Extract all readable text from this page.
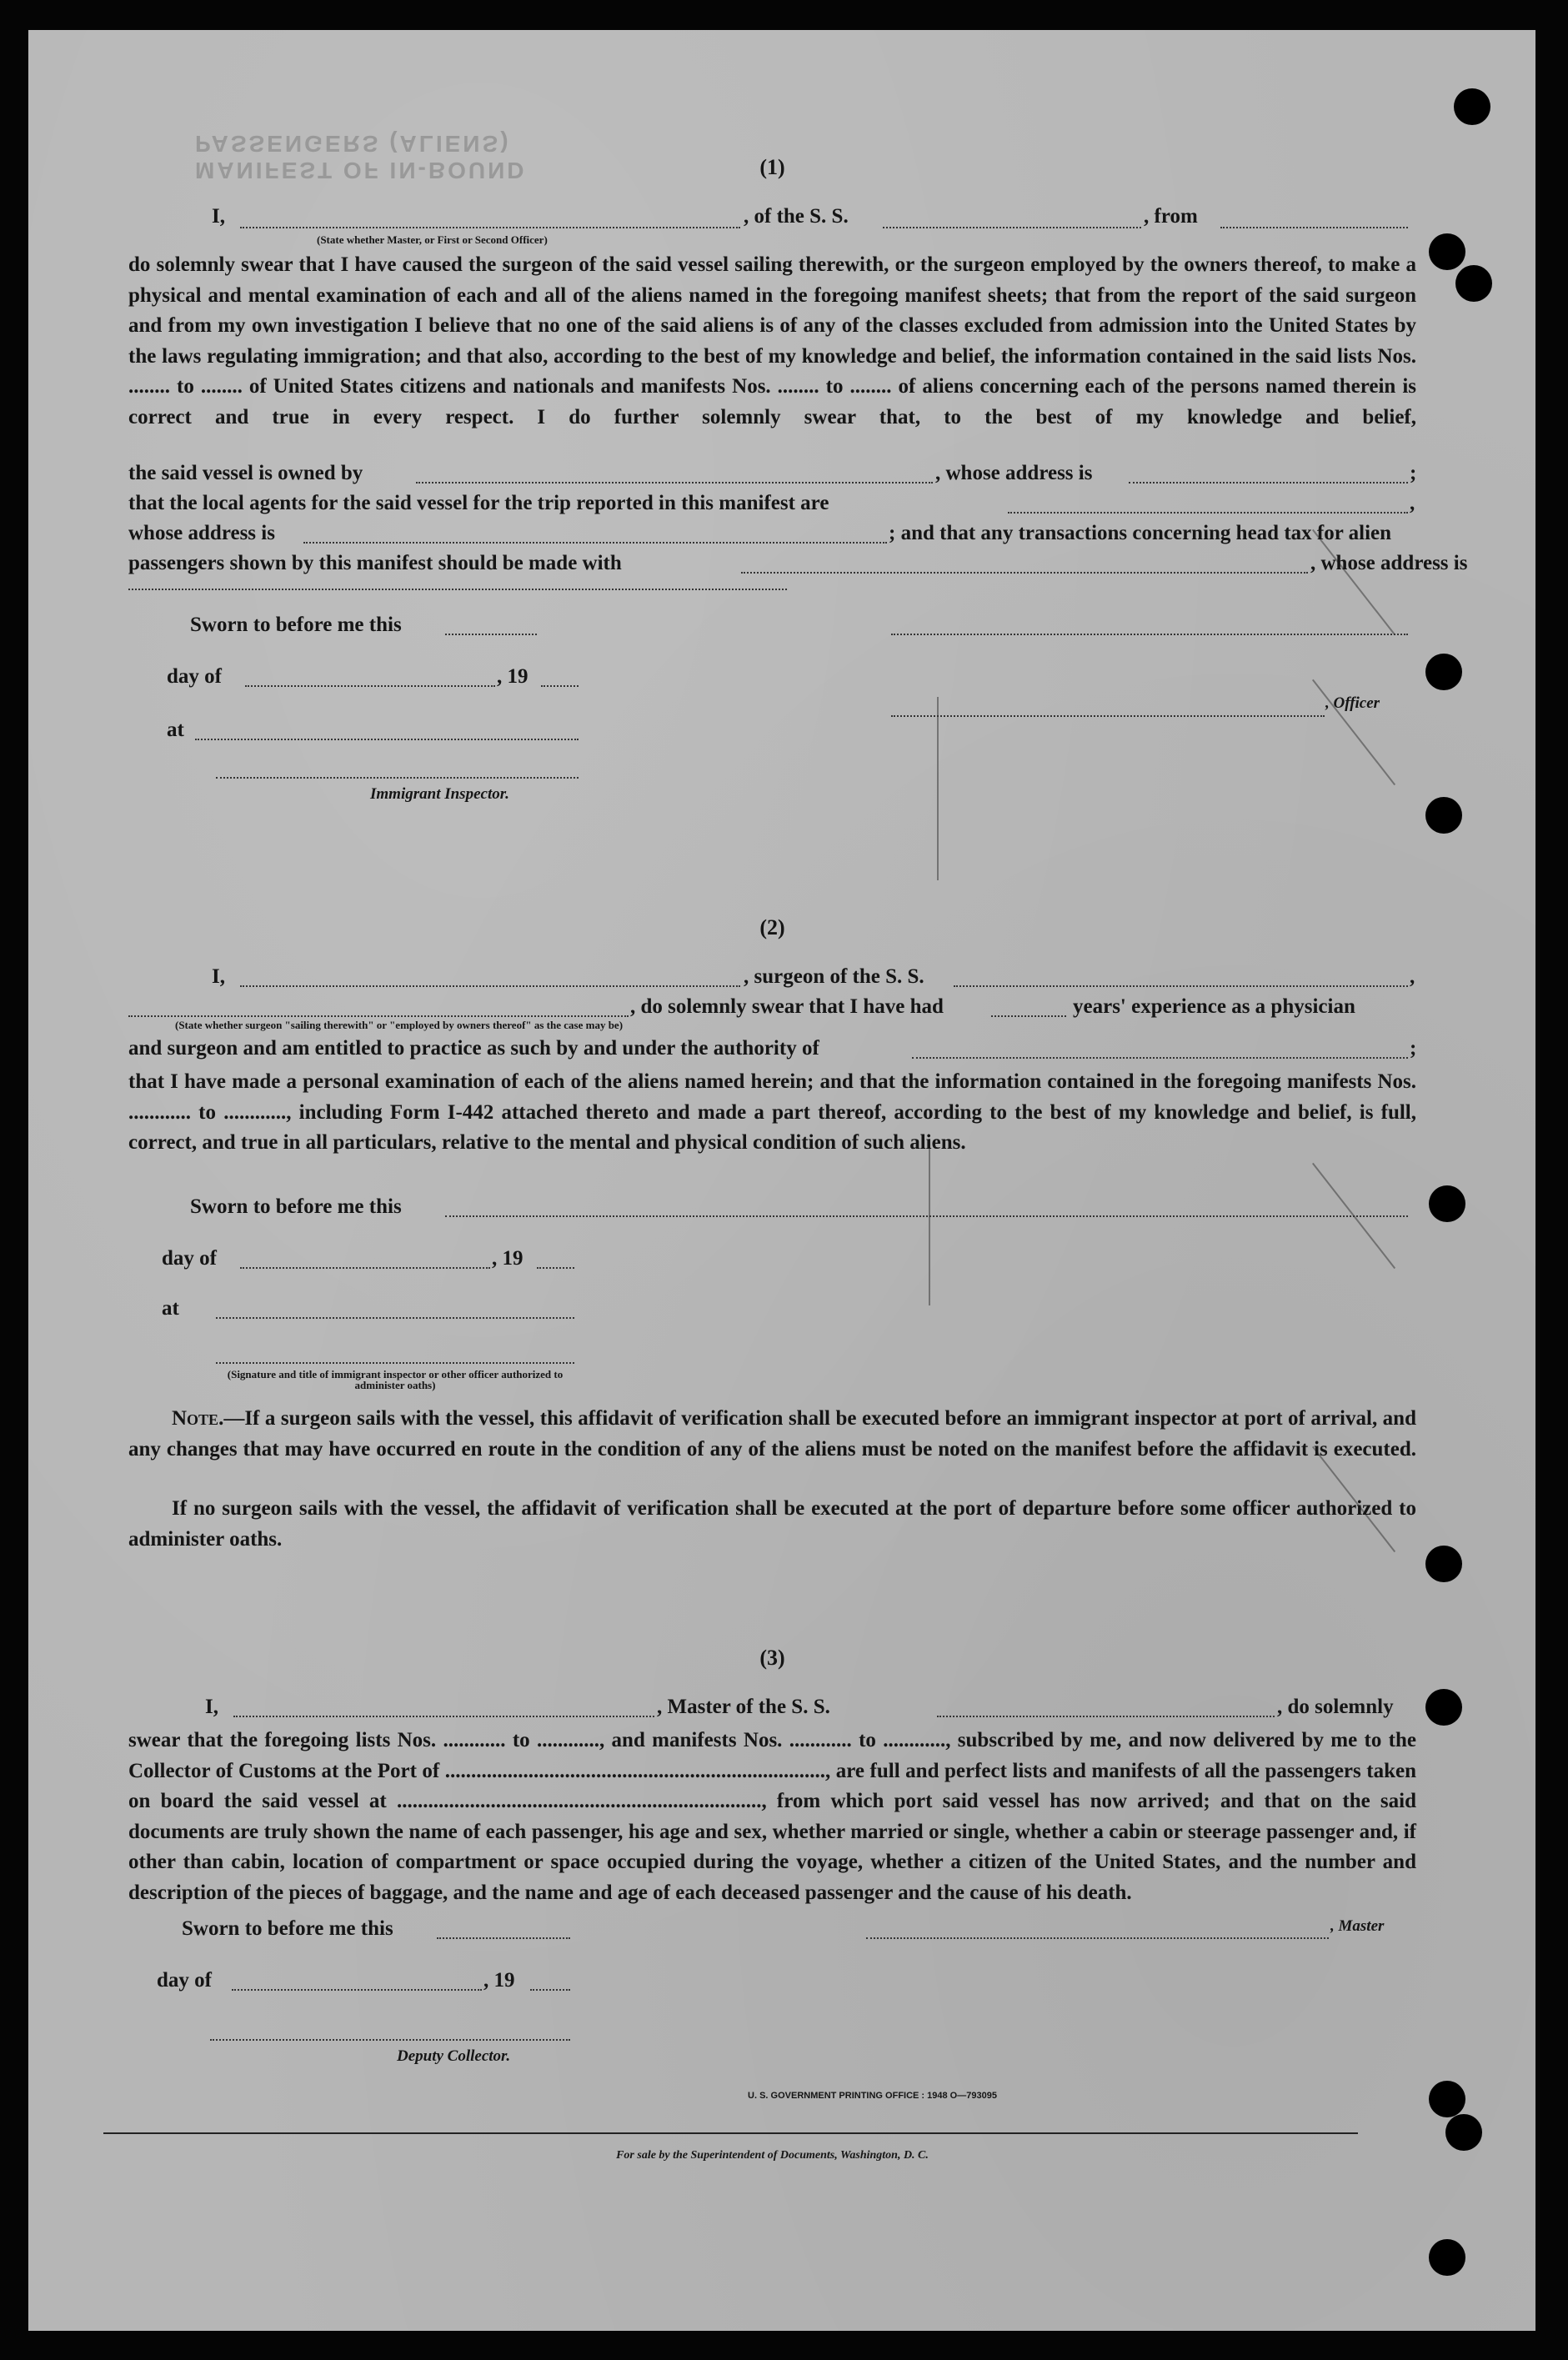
MANIFEST OF IN-BOUND PASSENGERS (ALIENS)
(1)
I,	, of the S. S.	, from
(State whether Master, or First or Second Officer)
do solemnly swear that I have caused the surgeon of the said vessel sailing therewith, or the surgeon employed by the owners thereof, to make a physical and mental examination of each and all of the aliens named in the foregoing manifest sheets; that from the report of the said surgeon and from my own investigation I believe that no one of the said aliens is of any of the classes excluded from admission into the United States by the laws regulating immigration; and that also, according to the best of my knowledge and belief, the information contained in the said lists Nos. ........ to ........ of United States citizens and nationals and manifests Nos. ........ to ........ of aliens concerning each of the persons named therein is correct and true in every respect. I do further solemnly swear that, to the best of my knowledge and belief,
the said vessel is owned by	, whose address is	;
that the local agents for the said vessel for the trip reported in this manifest are	,
whose address is	; and that any transactions concerning head tax for alien
passengers shown by this manifest should be made with	, whose address is
Sworn to before me this
day of	, 19
, Officer
at
Immigrant Inspector.
(2)
I,	, surgeon of the S. S.	,
, do solemnly swear that I have had	years' experience as a physician
(State whether surgeon "sailing therewith" or "employed by owners thereof" as the case may be)
and surgeon and am entitled to practice as such by and under the authority of	;
that I have made a personal examination of each of the aliens named herein; and that the information contained in the foregoing manifests Nos. ............ to ............, including Form I-442 attached thereto and made a part thereof, according to the best of my knowledge and belief, is full, correct, and true in all particulars, relative to the mental and physical condition of such aliens.
Sworn to before me this
day of	, 19
at
(Signature and title of immigrant inspector or other officer authorized to administer oaths)
Note.—If a surgeon sails with the vessel, this affidavit of verification shall be executed before an immigrant inspector at port of arrival, and any changes that may have occurred en route in the condition of any of the aliens must be noted on the manifest before the affidavit is executed.
If no surgeon sails with the vessel, the affidavit of verification shall be executed at the port of departure before some officer authorized to administer oaths.
(3)
I,	, Master of the S. S.	, do solemnly
swear that the foregoing lists Nos. ............ to ............, and manifests Nos. ............ to ............, subscribed by me, and now delivered by me to the Collector of Customs at the Port of ........................................................................., are full and perfect lists and manifests of all the passengers taken on board the said vessel at ......................................................................, from which port said vessel has now arrived; and that on the said documents are truly shown the name of each passenger, his age and sex, whether married or single, whether a cabin or steerage passenger and, if other than cabin, location of compartment or space occupied during the voyage, whether a citizen of the United States, and the number and description of the pieces of baggage, and the name and age of each deceased passenger and the cause of his death.
Sworn to before me this	, Master
day of	, 19
Deputy Collector.
U. S. GOVERNMENT PRINTING OFFICE : 1948 O—793095
For sale by the Superintendent of Documents, Washington, D. C.
